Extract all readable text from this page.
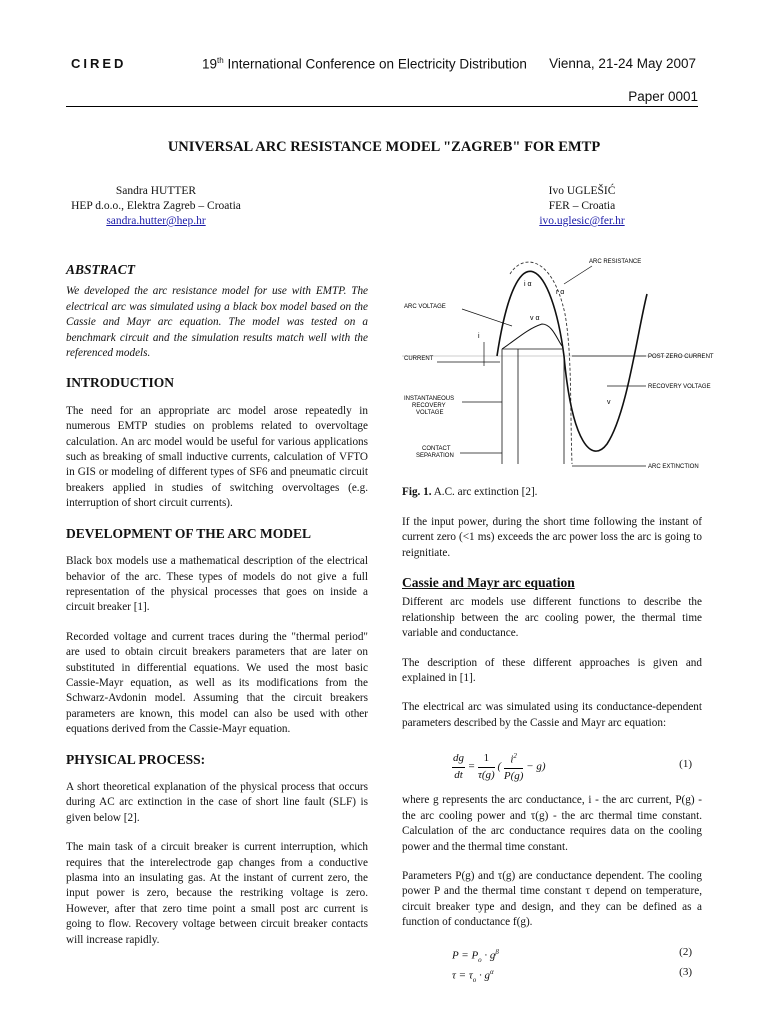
CIRED	19th International Conference on Electricity Distribution Vienna, 21-24 May 2007
Paper 0001
UNIVERSAL ARC RESISTANCE MODEL "ZAGREB" FOR EMTP
Sandra HUTTER
HEP d.o.o., Elektra Zagreb – Croatia
sandra.hutter@hep.hr
Ivo UGLEŠIĆ
FER – Croatia
ivo.uglesic@fer.hr
ABSTRACT

We developed the arc resistance model for use with EMTP. The electrical arc was simulated using a black box model based on the Cassie and Mayr arc equation. The model was tested on a benchmark circuit and the simulation results match well with the referenced models.

INTRODUCTION

The need for an appropriate arc model arose repeatedly in numerous EMTP studies on problems related to overvoltage calculation. An arc model would be useful for various applications such as breaking of small inductive currents, calculation of VFTO in GIS or modeling of different types of SF6 and pneumatic circuit breakers applied in studies of switching overvoltages (e.g. interruption of short circuit currents).

DEVELOPMENT OF THE ARC MODEL

Black box models use a mathematical description of the electrical behavior of the arc. These types of models do not give a full representation of the physical processes that goes on inside a circuit breaker [1].

Recorded voltage and current traces during the "thermal period" are used to obtain circuit breakers parameters that are later on substituted in differential equations. We used the most basic Cassie-Mayr equation, as well as its modifications from the Schwarz-Avdonin model. Assuming that the circuit breakers parameters are known, this model can also be used with other equations derived from the Cassie-Mayr equation.

PHYSICAL PROCESS:

A short theoretical explanation of the physical process that occurs during AC arc extinction in the case of short line fault (SLF) is given below [2].

The main task of a circuit breaker is current interruption, which requires that the interelectrode gap changes from a conductive plasma into an insulating gas. At the instant of current zero, the input power is zero, because the restriking voltage is zero. However, after that zero time point a small post arc current is going to flow. Recovery voltage between circuit breaker contacts will increase rapidly.

ARC RESISTANCE
ARC VOLTAGE
CURRENT	POST ZERO CURRENT
RECOVERY VOLTAGE
INSTANTANEOUS
RECOVERY
VOLTAGE
CONTACT
SEPARATION
ARC EXTINCTION
i α
r α
v α
i
v

Fig. 1. A.C. arc extinction [2].

If the input power, during the short time following the instant of current zero (<1 ms) exceeds the arc power loss the arc is going to reignitiate.

Cassie and Mayr arc equation

Different arc models use different functions to describe the relationship between the arc cooling power, the thermal time variable and conductance.

The description of these different approaches is given and explained in [1].

The electrical arc was simulated using its conductance-dependent parameters described by the Cassie and Mayr arc equation:

$\frac{dg}{dt} = \frac{1}{\tau(g)}$ ( $\frac{i^2}{P(g)} - g$)	(1)

where g represents the arc conductance, i - the arc current, P(g) - the arc cooling power and τ(g) - the arc thermal time constant. Calculation of the arc conductance requires data on the cooling power and the thermal time constant.

Parameters P(g) and τ(g) are conductance dependent. The cooling power P and the thermal time constant τ depend on temperature, circuit breaker type and design, and they can be defined as a function of conductance f(g).

$P = P_o \cdot g^\beta$	(2)
$\tau = \tau_o \cdot g^\alpha$	(3)
